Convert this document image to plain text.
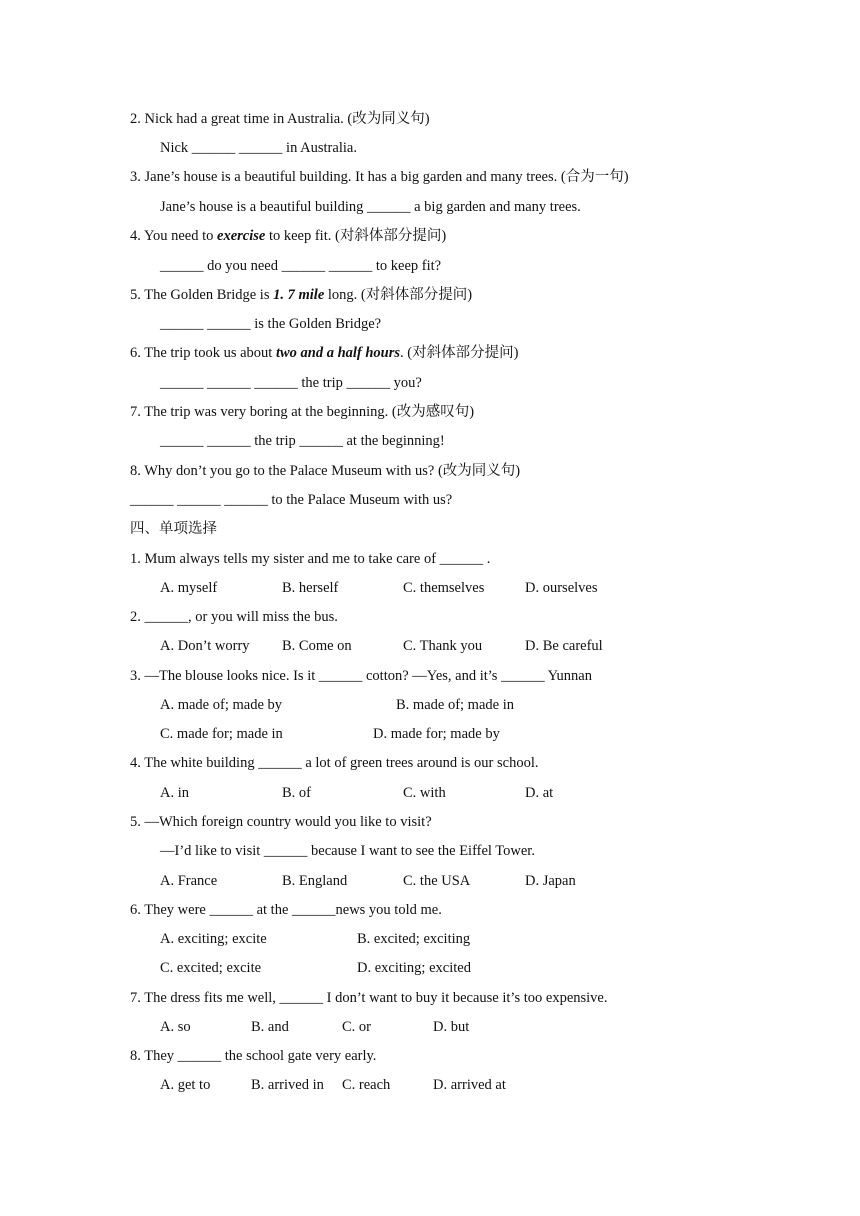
2. Nick had a great time in Australia. (改为同义句)
Nick ______ ______ in Australia.
3. Jane’s house is a beautiful building. It has a big garden and many trees. (合为一句)
Jane’s house is a beautiful building ______ a big garden and many trees.
4. You need to exercise to keep fit. (对斜体部分提问)
______ do you need ______ ______ to keep fit?
5. The Golden Bridge is 1. 7 mile long. (对斜体部分提问)
______ ______ is the Golden Bridge?
6. The trip took us about two and a half hours. (对斜体部分提问)
______ ______ ______ the trip ______ you?
7. The trip was very boring at the beginning. (改为感叹句)
______ ______ the trip ______ at the beginning!
8. Why don’t you go to the Palace Museum with us? (改为同义句)
______ ______ ______ to the Palace Museum with us?
四、单项选择
1. Mum always tells my sister and me to take care of ______ .
A. myself	B. herself	C. themselves	D. ourselves
2. ______, or you will miss the bus.
A. Don’t worry B. Come on	C. Thank you	D. Be careful
3. —The blouse looks nice. Is it ______ cotton? —Yes, and it’s ______ Yunnan
A. made of; made by	B. made of; made in
C. made for; made in	D. made for; made by
4. The white building ______ a lot of green trees around is our school.
A. in	B. of	C. with	D. at
5. —Which foreign country would you like to visit?
—I’d like to visit ______ because I want to see the Eiffel Tower.
A. France	B. England	C. the USA	D. Japan
6. They were ______ at the ______news you told me.
A. exciting; excite	B. excited; exciting
C. excited; excite	D. exciting; excited
7. The dress fits me well, ______ I don’t want to buy it because it’s too expensive.
A. so	B. and	C. or	D. but
8. They ______ the school gate very early.
A. get to	B. arrived in C. reach	D. arrived at
